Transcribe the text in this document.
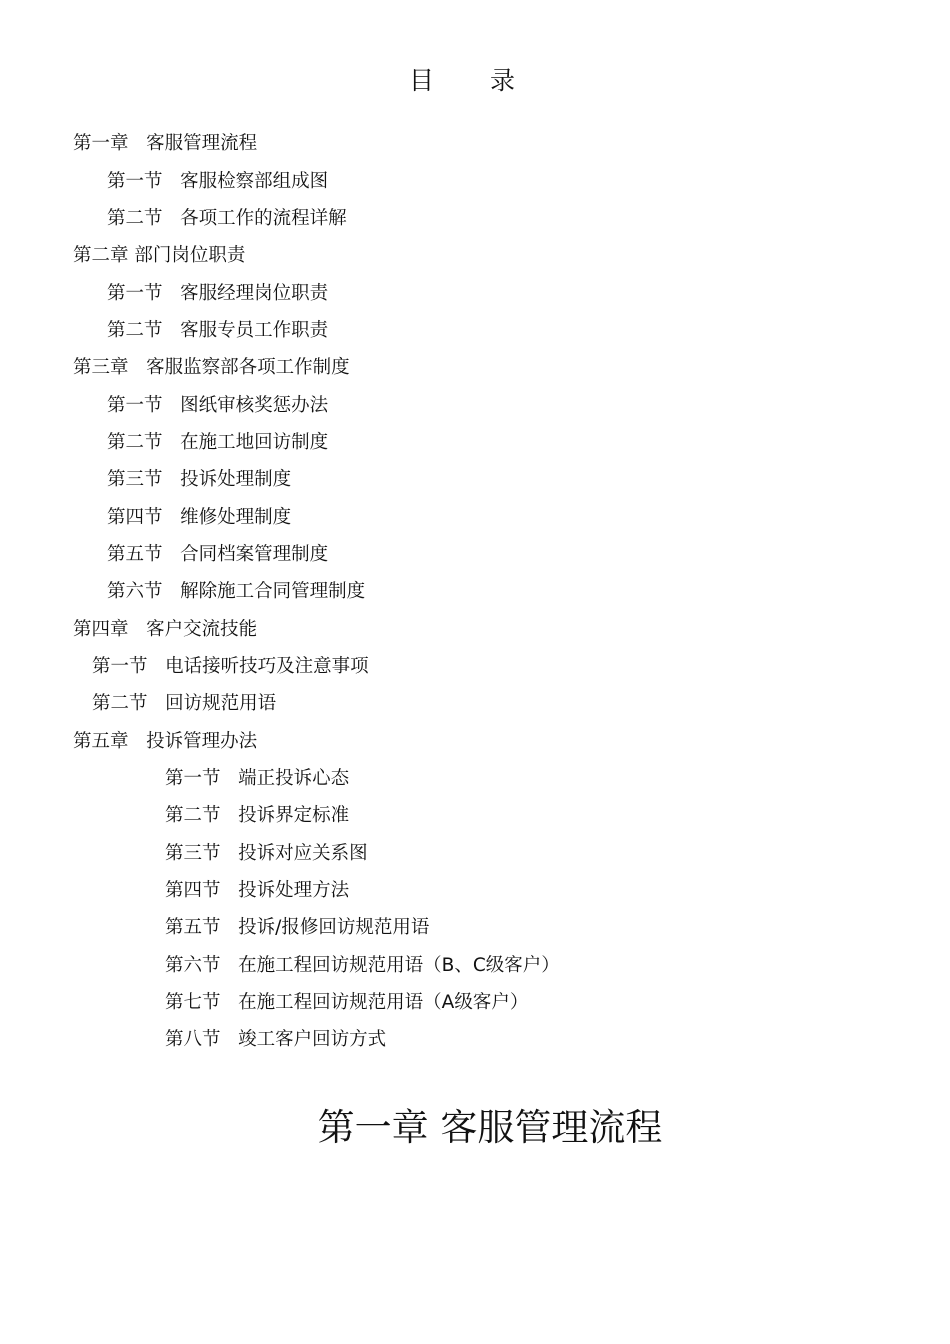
目录
第一章 客服管理流程
第一节 客服检察部组成图
第二节 各项工作的流程详解
第二章 部门岗位职责
第一节 客服经理岗位职责
第二节 客服专员工作职责
第三章 客服监察部各项工作制度
第一节 图纸审核奖惩办法
第二节 在施工地回访制度
第三节 投诉处理制度
第四节 维修处理制度
第五节 合同档案管理制度
第六节 解除施工合同管理制度
第四章 客户交流技能
第一节 电话接听技巧及注意事项
第二节 回访规范用语
第五章 投诉管理办法
第一节 端正投诉心态
第二节 投诉界定标准
第三节 投诉对应关系图
第四节 投诉处理方法
第五节 投诉/报修回访规范用语
第六节 在施工程回访规范用语（B、C级客户）
第七节 在施工程回访规范用语（A级客户）
第八节 竣工客户回访方式
第一章 客服管理流程
